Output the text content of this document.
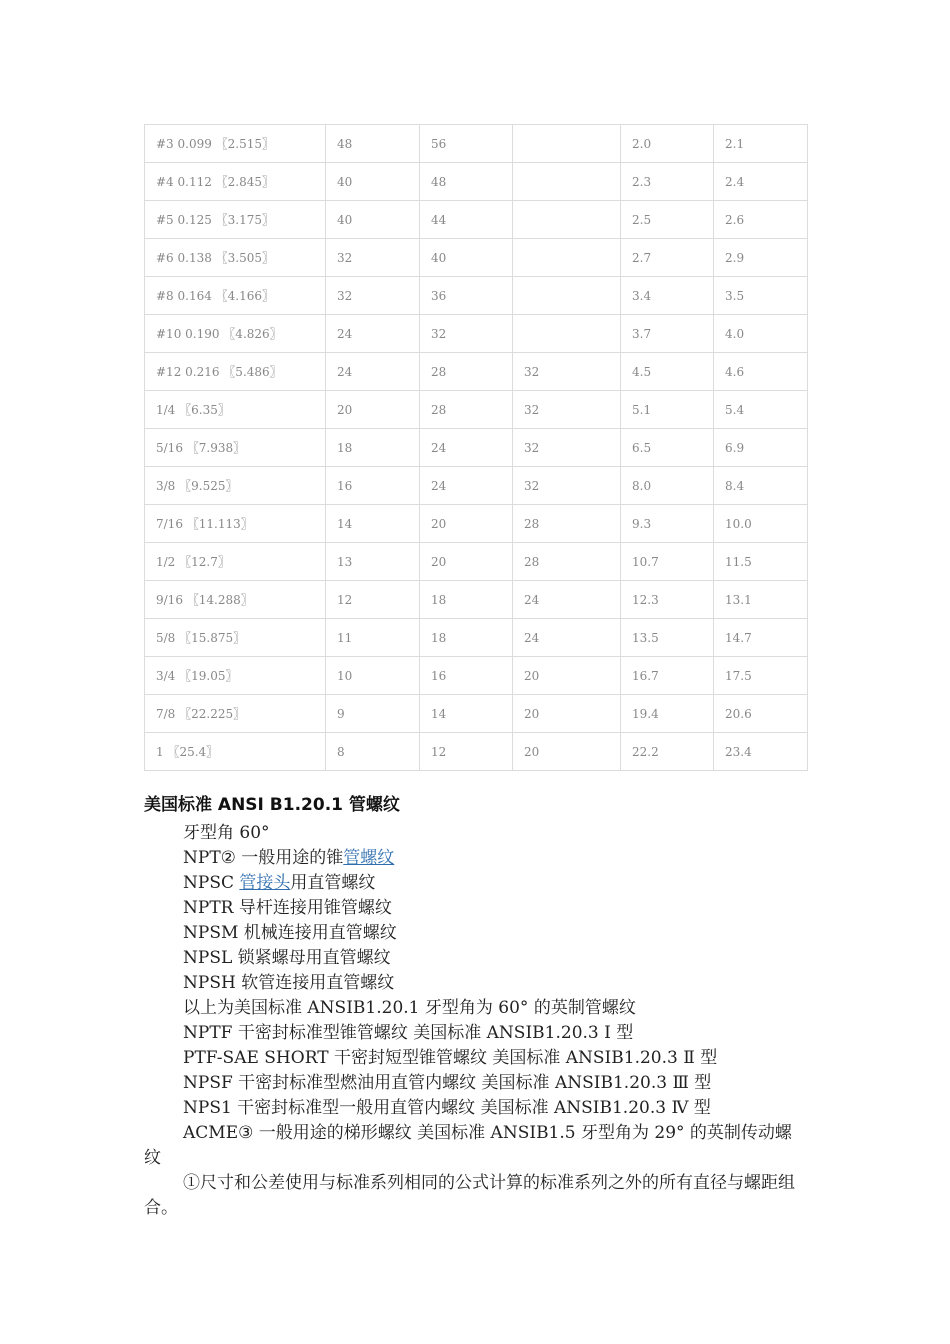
#3 0.099 〖2.515〗	48	56		2.0	2.1
#4 0.112 〖2.845〗	40	48		2.3	2.4
#5 0.125 〖3.175〗	40	44		2.5	2.6
#6 0.138 〖3.505〗	32	40		2.7	2.9
#8 0.164 〖4.166〗	32	36		3.4	3.5
#10 0.190 〖4.826〗	24	32		3.7	4.0
#12 0.216 〖5.486〗	24	28	32	4.5	4.6
1/4 〖6.35〗	20	28	32	5.1	5.4
5/16 〖7.938〗	18	24	32	6.5	6.9
3/8 〖9.525〗	16	24	32	8.0	8.4
7/16 〖11.113〗	14	20	28	9.3	10.0
1/2 〖12.7〗	13	20	28	10.7	11.5
9/16 〖14.288〗	12	18	24	12.3	13.1
5/8 〖15.875〗	11	18	24	13.5	14.7
3/4 〖19.05〗	10	16	20	16.7	17.5
7/8 〖22.225〗	9	14	20	19.4	20.6
1 〖25.4〗	8	12	20	22.2	23.4
美国标准 ANSI B1.20.1 管螺纹

牙型角 60°

NPT② 一般用途的锥管螺纹

NPSC 管接头用直管螺纹

NPTR 导杆连接用锥管螺纹

NPSM 机械连接用直管螺纹

NPSL 锁紧螺母用直管螺纹

NPSH 软管连接用直管螺纹

以上为美国标准 ANSIB1.20.1 牙型角为 60° 的英制管螺纹

NPTF 干密封标准型锥管螺纹 美国标准 ANSIB1.20.3 Ⅰ 型

PTF-SAE SHORT 干密封短型锥管螺纹 美国标准 ANSIB1.20.3 Ⅱ 型

NPSF 干密封标准型燃油用直管内螺纹 美国标准 ANSIB1.20.3 Ⅲ 型

NPS1 干密封标准型一般用直管内螺纹 美国标准 ANSIB1.20.3 Ⅳ 型

ACME③ 一般用途的梯形螺纹 美国标准 ANSIB1.5 牙型角为 29° 的英制传动螺纹

①尺寸和公差使用与标准系列相同的公式计算的标准系列之外的所有直径与螺距组合。
